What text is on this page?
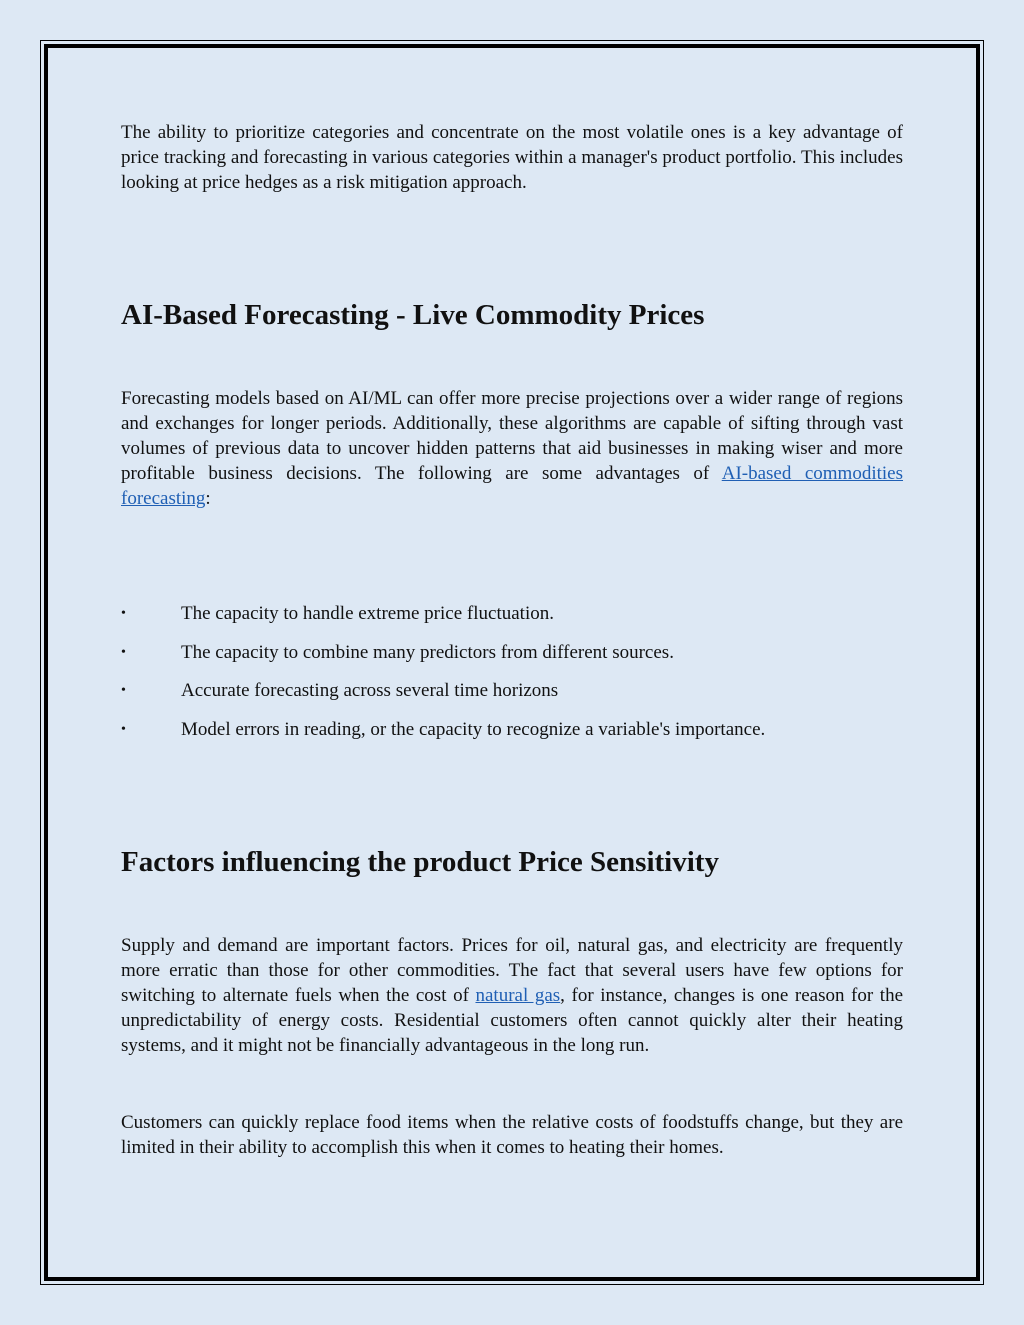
The ability to prioritize categories and concentrate on the most volatile ones is a key advantage of price tracking and forecasting in various categories within a manager's product portfolio. This includes looking at price hedges as a risk mitigation approach.

AI-Based Forecasting - Live Commodity Prices

Forecasting models based on AI/ML can offer more precise projections over a wider range of regions and exchanges for longer periods. Additionally, these algorithms are capable of sifting through vast volumes of previous data to uncover hidden patterns that aid businesses in making wiser and more profitable business decisions. The following are some advantages of AI-based commodities forecasting:

•	The capacity to handle extreme price fluctuation.
•	The capacity to combine many predictors from different sources.
•	Accurate forecasting across several time horizons
•	Model errors in reading, or the capacity to recognize a variable's importance.
Factors influencing the product Price Sensitivity

Supply and demand are important factors. Prices for oil, natural gas, and electricity are frequently more erratic than those for other commodities. The fact that several users have few options for switching to alternate fuels when the cost of natural gas, for instance, changes is one reason for the unpredictability of energy costs. Residential customers often cannot quickly alter their heating systems, and it might not be financially advantageous in the long run.

Customers can quickly replace food items when the relative costs of foodstuffs change, but they are limited in their ability to accomplish this when it comes to heating their homes.
